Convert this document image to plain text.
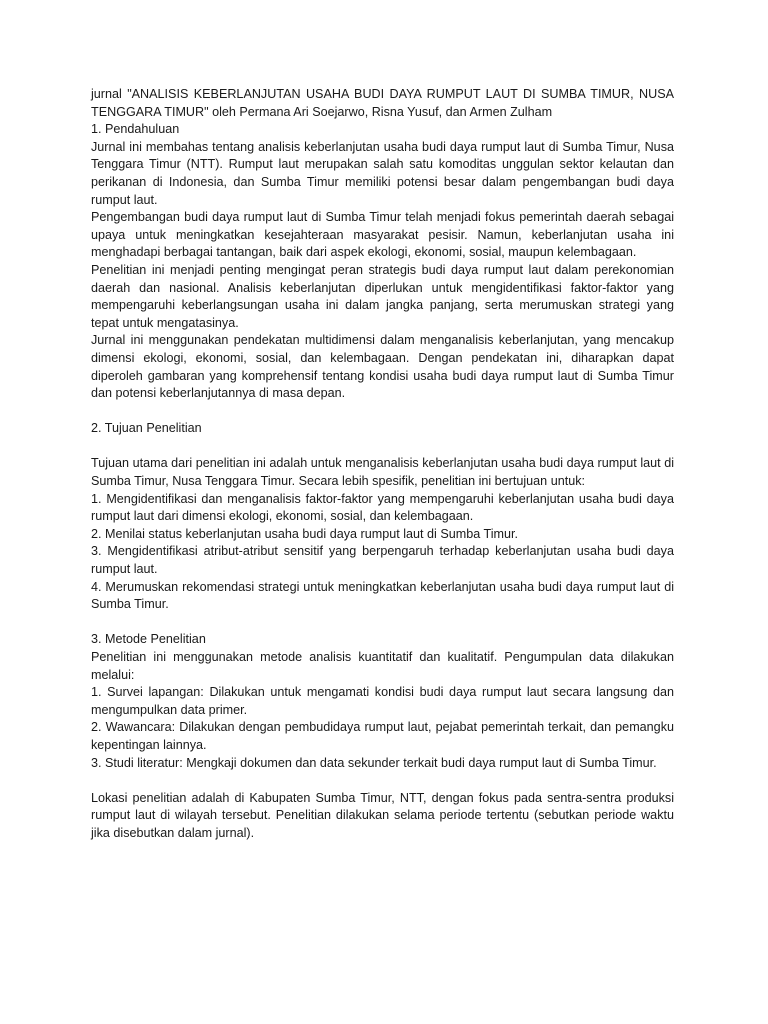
jurnal "ANALISIS KEBERLANJUTAN USAHA BUDI DAYA RUMPUT LAUT DI SUMBA TIMUR, NUSA TENGGARA TIMUR" oleh Permana Ari Soejarwo, Risna Yusuf, dan Armen Zulham

1. Pendahuluan

Jurnal ini membahas tentang analisis keberlanjutan usaha budi daya rumput laut di Sumba Timur, Nusa Tenggara Timur (NTT). Rumput laut merupakan salah satu komoditas unggulan sektor kelautan dan perikanan di Indonesia, dan Sumba Timur memiliki potensi besar dalam pengembangan budi daya rumput laut.

Pengembangan budi daya rumput laut di Sumba Timur telah menjadi fokus pemerintah daerah sebagai upaya untuk meningkatkan kesejahteraan masyarakat pesisir. Namun, keberlanjutan usaha ini menghadapi berbagai tantangan, baik dari aspek ekologi, ekonomi, sosial, maupun kelembagaan.

Penelitian ini menjadi penting mengingat peran strategis budi daya rumput laut dalam perekonomian daerah dan nasional. Analisis keberlanjutan diperlukan untuk mengidentifikasi faktor-faktor yang mempengaruhi keberlangsungan usaha ini dalam jangka panjang, serta merumuskan strategi yang tepat untuk mengatasinya.

Jurnal ini menggunakan pendekatan multidimensi dalam menganalisis keberlanjutan, yang mencakup dimensi ekologi, ekonomi, sosial, dan kelembagaan. Dengan pendekatan ini, diharapkan dapat diperoleh gambaran yang komprehensif tentang kondisi usaha budi daya rumput laut di Sumba Timur dan potensi keberlanjutannya di masa depan.

2. Tujuan Penelitian

Tujuan utama dari penelitian ini adalah untuk menganalisis keberlanjutan usaha budi daya rumput laut di Sumba Timur, Nusa Tenggara Timur. Secara lebih spesifik, penelitian ini bertujuan untuk:

1. Mengidentifikasi dan menganalisis faktor-faktor yang mempengaruhi keberlanjutan usaha budi daya rumput laut dari dimensi ekologi, ekonomi, sosial, dan kelembagaan.

2. Menilai status keberlanjutan usaha budi daya rumput laut di Sumba Timur.

3. Mengidentifikasi atribut-atribut sensitif yang berpengaruh terhadap keberlanjutan usaha budi daya rumput laut.

4. Merumuskan rekomendasi strategi untuk meningkatkan keberlanjutan usaha budi daya rumput laut di Sumba Timur.

3. Metode Penelitian

Penelitian ini menggunakan metode analisis kuantitatif dan kualitatif. Pengumpulan data dilakukan melalui:

1. Survei lapangan: Dilakukan untuk mengamati kondisi budi daya rumput laut secara langsung dan mengumpulkan data primer.

2. Wawancara: Dilakukan dengan pembudidaya rumput laut, pejabat pemerintah terkait, dan pemangku kepentingan lainnya.

3. Studi literatur: Mengkaji dokumen dan data sekunder terkait budi daya rumput laut di Sumba Timur.

Lokasi penelitian adalah di Kabupaten Sumba Timur, NTT, dengan fokus pada sentra-sentra produksi rumput laut di wilayah tersebut. Penelitian dilakukan selama periode tertentu (sebutkan periode waktu jika disebutkan dalam jurnal).
